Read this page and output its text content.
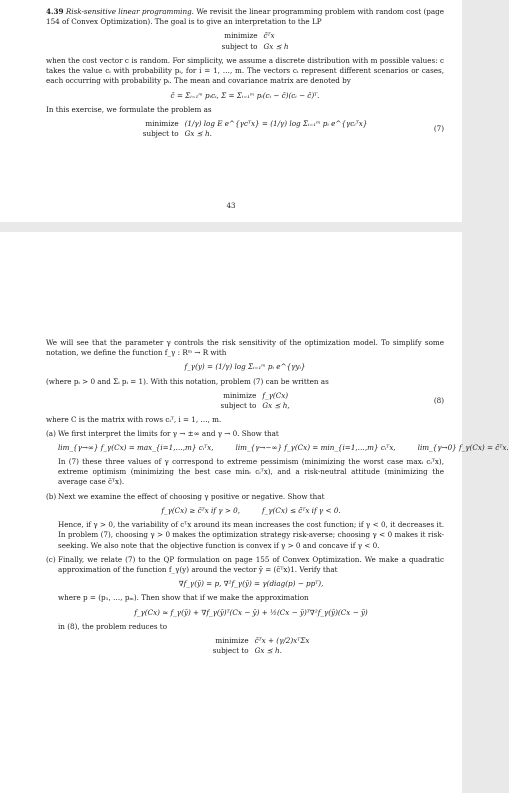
4.39 Risk-sensitive linear programming. We revisit the linear programming problem with random cost (page 154 of Convex Optimization). The goal is to give an interpretation to the LP

minimize c̄ᵀx
subject to Gx ⪯ h

when the cost vector c is random. For simplicity, we assume a discrete distribution with m possible values: c takes the value cᵢ with probability pᵢ, for i = 1, …, m. The vectors cᵢ represent different scenarios or cases, each occurring with probability pᵢ. The mean and covariance matrix are denoted by

c̄ = Σᵢ₌₁ᵐ pᵢcᵢ, Σ = Σᵢ₌₁ᵐ pᵢ(cᵢ − c̄)(cᵢ − c̄)ᵀ.

In this exercise, we formulate the problem as

minimize (1/γ) log E e^{γcᵀx} = (1/γ) log Σᵢ₌₁ᵐ pᵢ e^{γcᵢᵀx}
subject to Gx ⪯ h.
(7)
43

We will see that the parameter γ controls the risk sensitivity of the optimization model. To simplify some notation, we define the function f_γ : Rᵐ → R with

f_γ(y) = (1/γ) log Σᵢ₌₁ᵐ pᵢ e^{γyᵢ}

(where pᵢ > 0 and Σᵢ pᵢ = 1). With this notation, problem (7) can be written as

minimize f_γ(Cx)
subject to Gx ⪯ h,
(8)

where C is the matrix with rows cᵢᵀ, i = 1, …, m.

(a) We first interpret the limits for γ → ±∞ and γ → 0. Show that

lim_{γ→∞} f_γ(Cx) = max_{i=1,…,m} cᵢᵀx,	lim_{γ→−∞} f_γ(Cx) = min_{i=1,…,m} cᵢᵀx,	lim_{γ→0} f_γ(Cx) = c̄ᵀx.

In (7) these three values of γ correspond to extreme pessimism (minimizing the worst case maxᵢ cᵢᵀx), extreme optimism (minimizing the best case minᵢ cᵢᵀx), and a risk-neutral attitude (minimizing the average case c̄ᵀx).

(b) Next we examine the effect of choosing γ positive or negative. Show that

f_γ(Cx) ≥ c̄ᵀx if γ > 0,	f_γ(Cx) ≤ c̄ᵀx if γ < 0.

Hence, if γ > 0, the variability of cᵀx around its mean increases the cost function; if γ < 0, it decreases it. In problem (7), choosing γ > 0 makes the optimization strategy risk-averse; choosing γ < 0 makes it risk-seeking. We also note that the objective function is convex if γ > 0 and concave if γ < 0.

(c) Finally, we relate (7) to the QP formulation on page 155 of Convex Optimization. We make a quadratic approximation of the function f_γ(y) around the vector ȳ = (c̄ᵀx)1. Verify that

∇f_γ(ȳ) = p, ∇²f_γ(ȳ) = γ(diag(p) − ppᵀ),

where p = (p₁, …, pₘ). Then show that if we make the approximation

f_γ(Cx) ≈ f_γ(ȳ) + ∇f_γ(ȳ)ᵀ(Cx − ȳ) + ½(Cx − ȳ)ᵀ∇²f_γ(ȳ)(Cx − ȳ)

in (8), the problem reduces to

minimize c̄ᵀx + (γ/2)xᵀΣx
subject to Gx ⪯ h.
